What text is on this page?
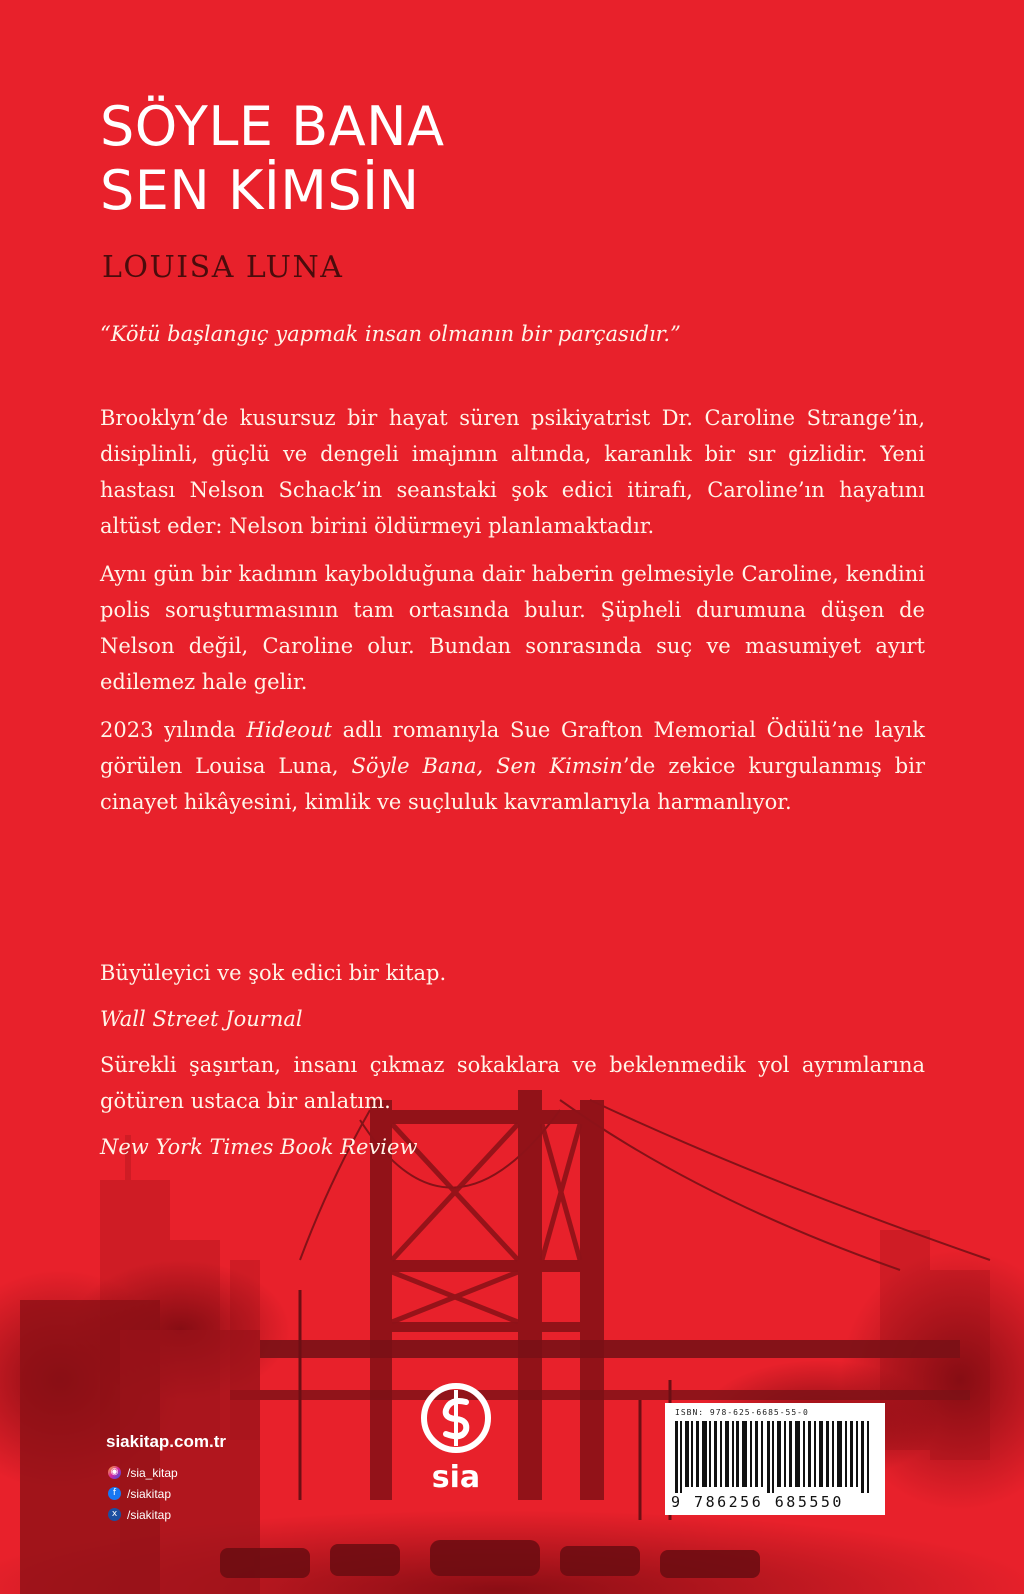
SÖYLE BANA
SEN KİMSİN
LOUISA LUNA
“Kötü başlangıç yapmak insan olmanın bir parçasıdır.”

Brooklyn’de kusursuz bir hayat süren psikiyatrist Dr. Caroline Strange’in, disiplinli, güçlü ve dengeli imajının altında, karanlık bir sır gizlidir. Yeni hastası Nelson Schack’in seanstaki şok edici itirafı, Caroline’ın hayatını altüst eder: Nelson birini öldürmeyi planlamaktadır.

Aynı gün bir kadının kaybolduğuna dair haberin gelmesiyle Caroline, kendini polis soruşturmasının tam ortasında bulur. Şüpheli durumuna düşen de Nelson değil, Caroline olur. Bundan sonrasında suç ve masumiyet ayırt edilemez hale gelir.

2023 yılında Hideout adlı romanıyla Sue Grafton Memorial Ödülü’ne layık görülen Louisa Luna, Söyle Bana, Sen Kimsin’de zekice kurgulanmış bir cinayet hikâyesini, kimlik ve suçluluk kavramlarıyla harmanlıyor.

Büyüleyici ve şok edici bir kitap.

Wall Street Journal

Sürekli şaşırtan, insanı çıkmaz sokaklara ve beklenmedik yol ayrımlarına götüren ustaca bir anlatım.

New York Times Book Review

siakitap.com.tr
◉ /sia_kitap
f /siakitap
x /siakitap
sia
ISBN: 978-625-6685-55-0
9 786256 685550
